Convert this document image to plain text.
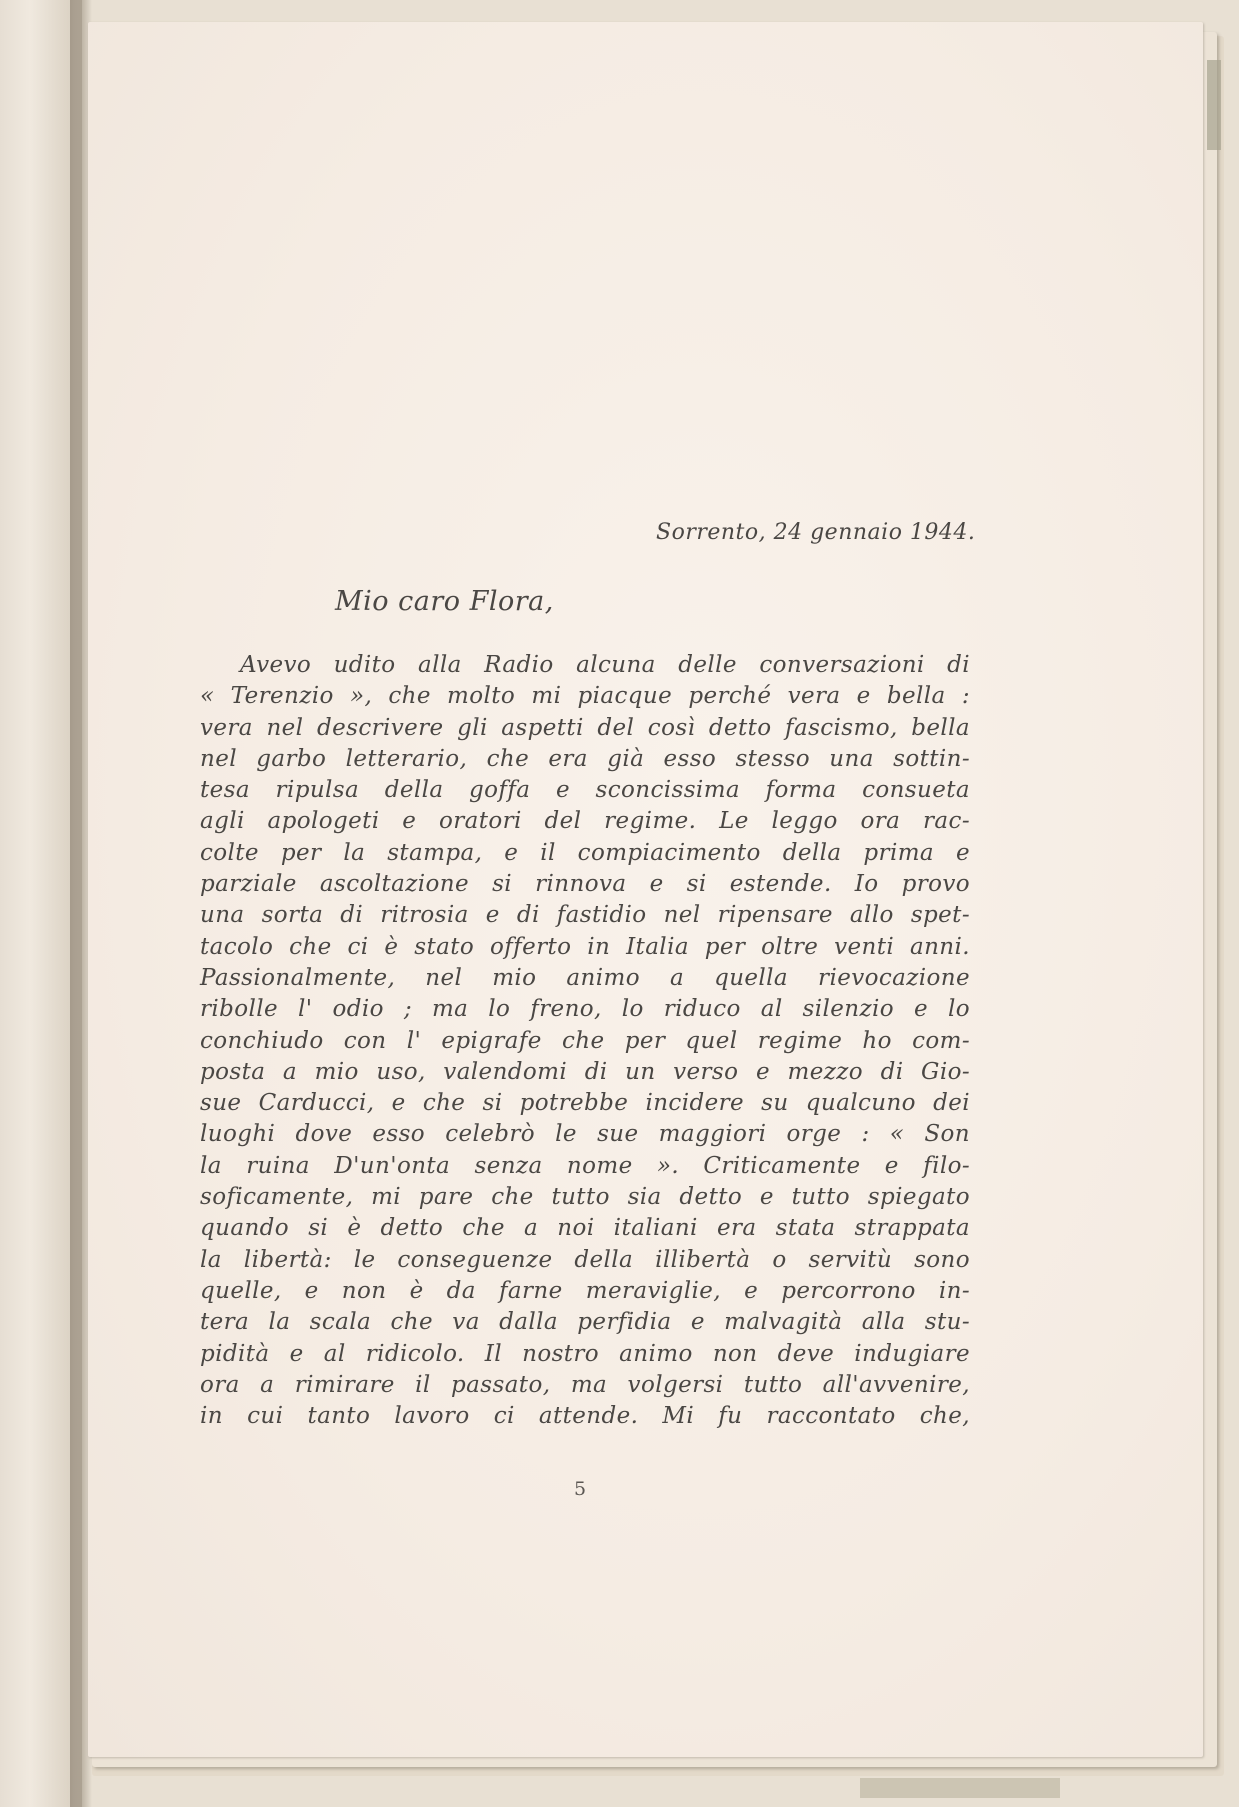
Sorrento, 24 gennaio 1944.

Mio caro Flora,

Avevo udito alla Radio alcuna delle conversazioni di
« Terenzio », che molto mi piacque perché vera e bella :
vera nel descrivere gli aspetti del così detto fascismo, bella
nel garbo letterario, che era già esso stesso una sottin-
tesa ripulsa della goffa e sconcissima forma consueta
agli apologeti e oratori del regime. Le leggo ora rac-
colte per la stampa, e il compiacimento della prima e
parziale ascoltazione si rinnova e si estende. Io provo
una sorta di ritrosia e di fastidio nel ripensare allo spet-
tacolo che ci è stato offerto in Italia per oltre venti anni.
Passionalmente, nel mio animo a quella rievocazione
ribolle l' odio ; ma lo freno, lo riduco al silenzio e lo
conchiudo con l' epigrafe che per quel regime ho com-
posta a mio uso, valendomi di un verso e mezzo di Gio-
sue Carducci, e che si potrebbe incidere su qualcuno dei
luoghi dove esso celebrò le sue maggiori orge : « Son
la ruina D'un'onta senza nome ». Criticamente e filo-
soficamente, mi pare che tutto sia detto e tutto spiegato
quando si è detto che a noi italiani era stata strappata
la libertà: le conseguenze della illibertà o servitù sono
quelle, e non è da farne meraviglie, e percorrono in-
tera la scala che va dalla perfidia e malvagità alla stu-
pidità e al ridicolo. Il nostro animo non deve indugiare
ora a rimirare il passato, ma volgersi tutto all'avvenire,
in cui tanto lavoro ci attende. Mi fu raccontato che,

5
